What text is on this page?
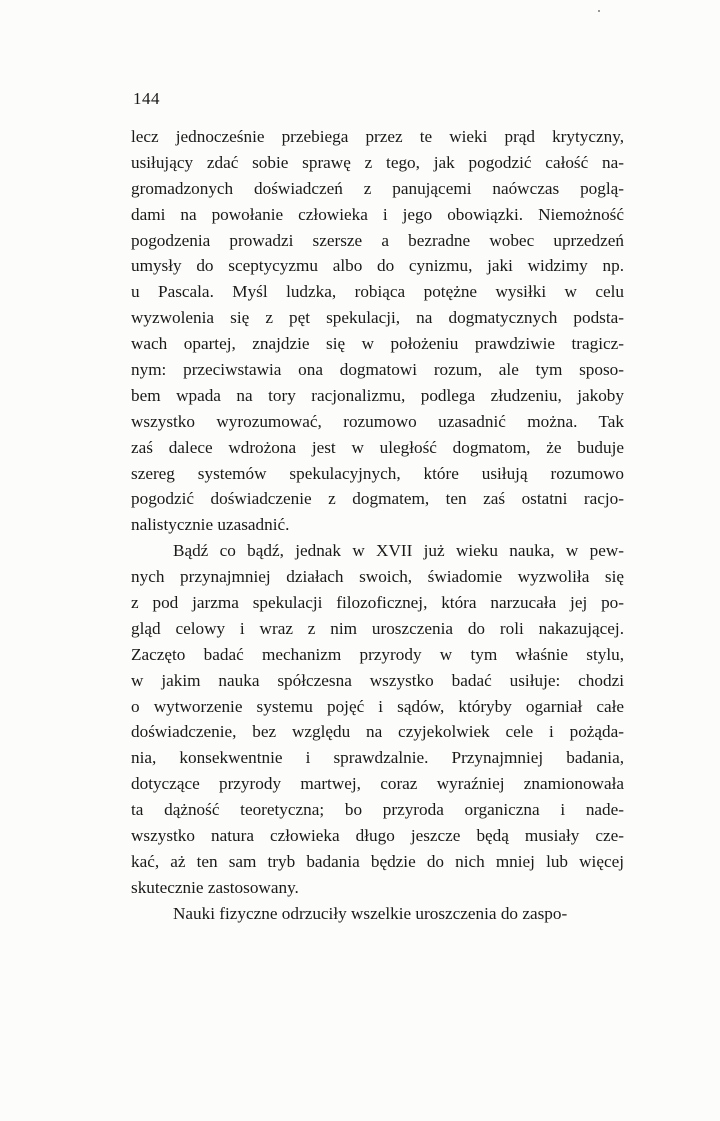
144
lecz jednocześnie przebiega przez te wieki prąd krytyczny,
usiłujący zdać sobie sprawę z tego, jak pogodzić całość na-
gromadzonych doświadczeń z panującemi naówczas poglą-
dami na powołanie człowieka i jego obowiązki. Niemożność
pogodzenia prowadzi szersze a bezradne wobec uprzedzeń
umysły do sceptycyzmu albo do cynizmu, jaki widzimy np.
u Pascala. Myśl ludzka, robiąca potężne wysiłki w celu
wyzwolenia się z pęt spekulacji, na dogmatycznych podsta-
wach opartej, znajdzie się w położeniu prawdziwie tragicz-
nym: przeciwstawia ona dogmatowi rozum, ale tym sposo-
bem wpada na tory racjonalizmu, podlega złudzeniu, jakoby
wszystko wyrozumować, rozumowo uzasadnić można. Tak
zaś dalece wdrożona jest w uległość dogmatom, że buduje
szereg systemów spekulacyjnych, które usiłują rozumowo
pogodzić doświadczenie z dogmatem, ten zaś ostatni racjo-
nalistycznie uzasadnić.
Bądź co bądź, jednak w XVII już wieku nauka, w pew-
nych przynajmniej działach swoich, świadomie wyzwoliła się
z pod jarzma spekulacji filozoficznej, która narzucała jej po-
gląd celowy i wraz z nim uroszczenia do roli nakazującej.
Zaczęto badać mechanizm przyrody w tym właśnie stylu,
w jakim nauka spółczesna wszystko badać usiłuje: chodzi
o wytworzenie systemu pojęć i sądów, któryby ogarniał całe
doświadczenie, bez względu na czyjekolwiek cele i pożąda-
nia, konsekwentnie i sprawdzalnie. Przynajmniej badania,
dotyczące przyrody martwej, coraz wyraźniej znamionowała
ta dążność teoretyczna; bo przyroda organiczna i nade-
wszystko natura człowieka długo jeszcze będą musiały cze-
kać, aż ten sam tryb badania będzie do nich mniej lub więcej
skutecznie zastosowany.
Nauki fizyczne odrzuciły wszelkie uroszczenia do zaspo-
